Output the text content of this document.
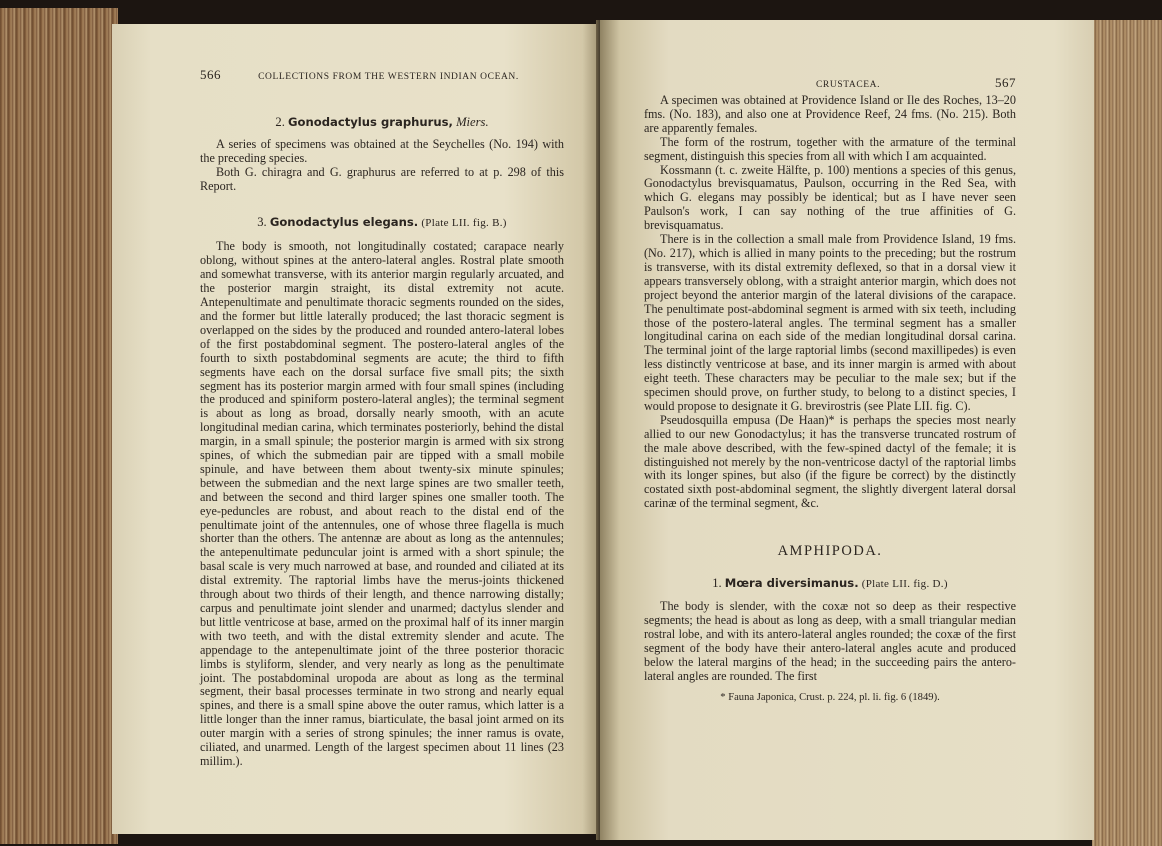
566	COLLECTIONS FROM THE WESTERN INDIAN OCEAN.
2. Gonodactylus graphurus, Miers.

A series of specimens was obtained at the Seychelles (No. 194) with the preceding species.

Both G. chiragra and G. graphurus are referred to at p. 298 of this Report.

3. Gonodactylus elegans. (Plate LII. fig. B.)

The body is smooth, not longitudinally costated; carapace nearly oblong, without spines at the antero-lateral angles. Rostral plate smooth and somewhat transverse, with its anterior margin regularly arcuated, and the posterior margin straight, its distal extremity not acute. Antepenultimate and penultimate thoracic segments rounded on the sides, and the former but little laterally produced; the last thoracic segment is overlapped on the sides by the produced and rounded antero-lateral lobes of the first postabdominal segment. The postero-lateral angles of the fourth to sixth postabdominal segments are acute; the third to fifth segments have each on the dorsal surface five small pits; the sixth segment has its posterior margin armed with four small spines (including the produced and spiniform postero-lateral angles); the terminal segment is about as long as broad, dorsally nearly smooth, with an acute longitudinal median carina, which terminates posteriorly, behind the distal margin, in a small spinule; the posterior margin is armed with six strong spines, of which the submedian pair are tipped with a small mobile spinule, and have between them about twenty-six minute spinules; between the submedian and the next large spines are two smaller teeth, and between the second and third larger spines one smaller tooth. The eye-peduncles are robust, and about reach to the distal end of the penultimate joint of the antennules, one of whose three flagella is much shorter than the others. The antennæ are about as long as the antennules; the antepenultimate peduncular joint is armed with a short spinule; the basal scale is very much narrowed at base, and rounded and ciliated at its distal extremity. The raptorial limbs have the merus-joints thickened through about two thirds of their length, and thence narrowing distally; carpus and penultimate joint slender and unarmed; dactylus slender and but little ventricose at base, armed on the proximal half of its inner margin with two teeth, and with the distal extremity slender and acute. The appendage to the antepenultimate joint of the three posterior thoracic limbs is styliform, slender, and very nearly as long as the penultimate joint. The postabdominal uropoda are about as long as the terminal segment, their basal processes terminate in two strong and nearly equal spines, and there is a small spine above the outer ramus, which latter is a little longer than the inner ramus, biarticulate, the basal joint armed on its outer margin with a series of strong spinules; the inner ramus is ovate, ciliated, and unarmed. Length of the largest specimen about 11 lines (23 millim.).

CRUSTACEA.	567

A specimen was obtained at Providence Island or Ile des Roches, 13–20 fms. (No. 183), and also one at Providence Reef, 24 fms. (No. 215). Both are apparently females.

The form of the rostrum, together with the armature of the terminal segment, distinguish this species from all with which I am acquainted.

Kossmann (t. c. zweite Hälfte, p. 100) mentions a species of this genus, Gonodactylus brevisquamatus, Paulson, occurring in the Red Sea, with which G. elegans may possibly be identical; but as I have never seen Paulson's work, I can say nothing of the true affinities of G. brevisquamatus.

There is in the collection a small male from Providence Island, 19 fms. (No. 217), which is allied in many points to the preceding; but the rostrum is transverse, with its distal extremity deflexed, so that in a dorsal view it appears transversely oblong, with a straight anterior margin, which does not project beyond the anterior margin of the lateral divisions of the carapace. The penultimate post-abdominal segment is armed with six teeth, including those of the postero-lateral angles. The terminal segment has a smaller longitudinal carina on each side of the median longitudinal dorsal carina. The terminal joint of the large raptorial limbs (second maxillipedes) is even less distinctly ventricose at base, and its inner margin is armed with about eight teeth. These characters may be peculiar to the male sex; but if the specimen should prove, on further study, to belong to a distinct species, I would propose to designate it G. brevirostris (see Plate LII. fig. C).

Pseudosquilla empusa (De Haan)* is perhaps the species most nearly allied to our new Gonodactylus; it has the transverse truncated rostrum of the male above described, with the few-spined dactyl of the female; it is distinguished not merely by the non-ventricose dactyl of the raptorial limbs with its longer spines, but also (if the figure be correct) by the distinctly costated sixth post-abdominal segment, the slightly divergent lateral dorsal carinæ of the terminal segment, &c.

AMPHIPODA.
1. Mœra diversimanus. (Plate LII. fig. D.)

The body is slender, with the coxæ not so deep as their respective segments; the head is about as long as deep, with a small triangular median rostral lobe, and with its antero-lateral angles rounded; the coxæ of the first segment of the body have their antero-lateral angles acute and produced below the lateral margins of the head; in the succeeding pairs the antero-lateral angles are rounded. The first

* Fauna Japonica, Crust. p. 224, pl. li. fig. 6 (1849).
